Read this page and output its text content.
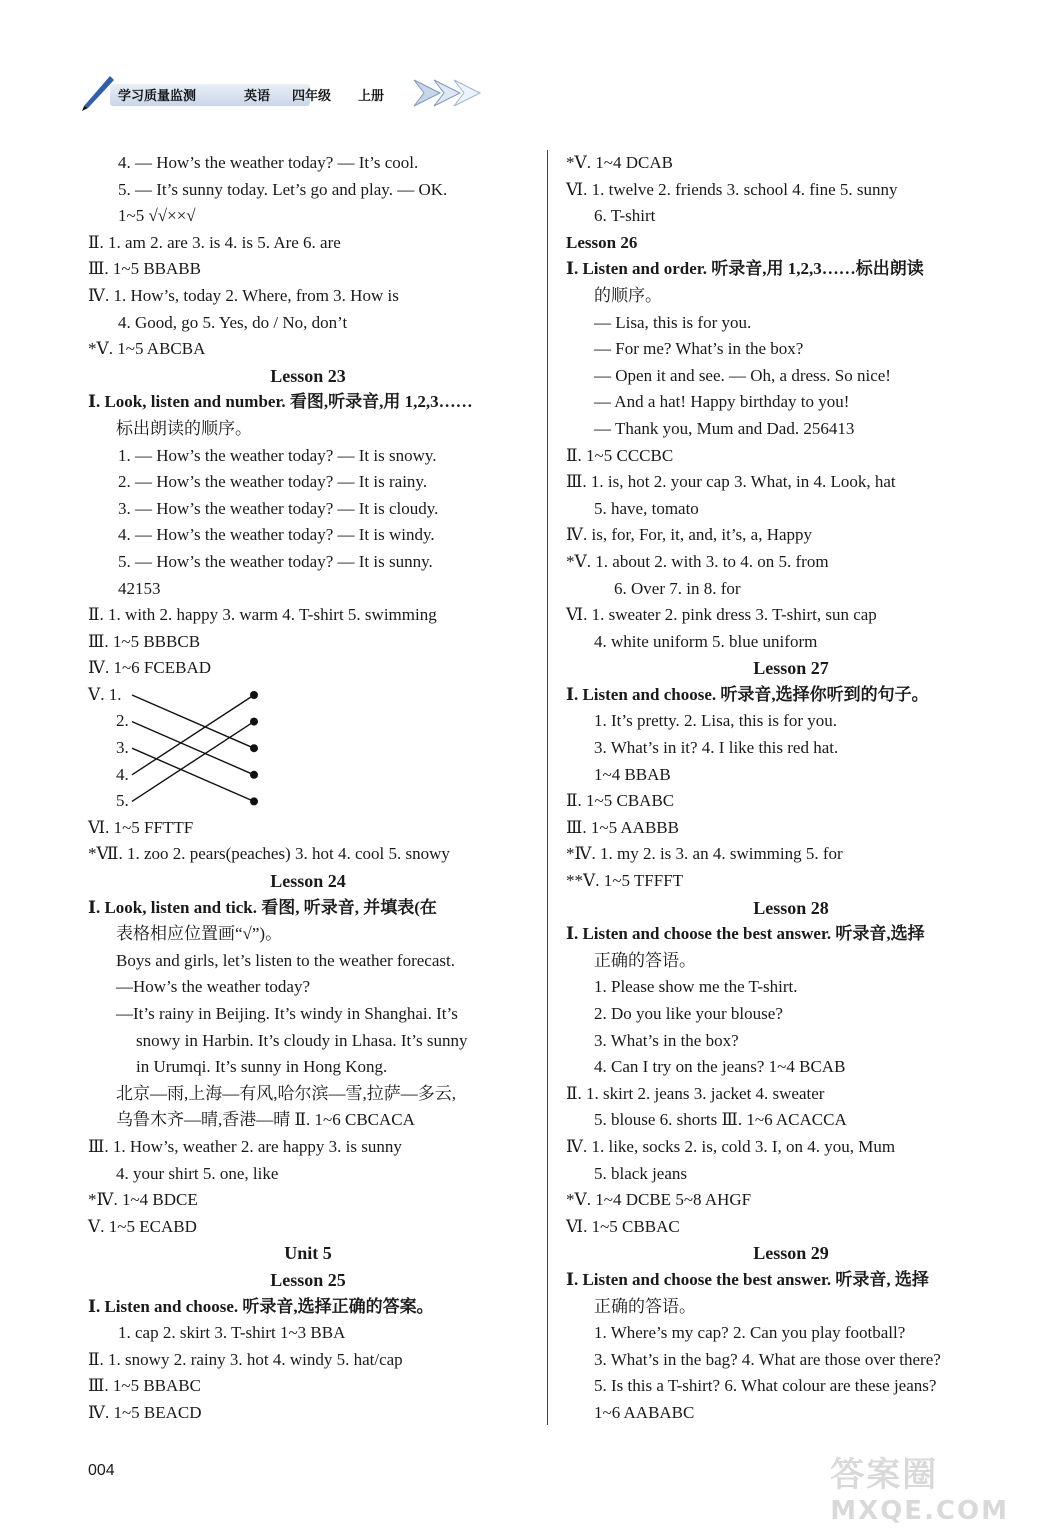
学习质量监测	英语 四年级 上册
4. — How’s the weather today? — It’s cool.
5. — It’s sunny today. Let’s go and play. — OK.
1~5 √√××√
Ⅱ. 1. am 2. are 3. is 4. is 5. Are 6. are
Ⅲ. 1~5 BBABB
Ⅳ. 1. How’s, today 2. Where, from 3. How is
4. Good, go 5. Yes, do / No, don’t
*Ⅴ. 1~5 ABCBA
Lesson 23
Ⅰ. Look, listen and number. 看图,听录音,用 1,2,3……
标出朗读的顺序。
1. — How’s the weather today? — It is snowy.
2. — How’s the weather today? — It is rainy.
3. — How’s the weather today? — It is cloudy.
4. — How’s the weather today? — It is windy.
5. — How’s the weather today? — It is sunny.
42153
Ⅱ. 1. with 2. happy 3. warm 4. T-shirt 5. swimming
Ⅲ. 1~5 BBBCB
Ⅳ. 1~6 FCEBAD
Ⅴ. 1.
2.
3.
4.
5.
Ⅵ. 1~5 FFTTF
*Ⅶ. 1. zoo 2. pears(peaches) 3. hot 4. cool 5. snowy
Lesson 24
Ⅰ. Look, listen and tick. 看图, 听录音, 并填表(在
表格相应位置画“√”)。
Boys and girls, let’s listen to the weather forecast.
—How’s the weather today?
—It’s rainy in Beijing. It’s windy in Shanghai. It’s
snowy in Harbin. It’s cloudy in Lhasa. It’s sunny
in Urumqi. It’s sunny in Hong Kong.
北京—雨,上海—有风,哈尔滨—雪,拉萨—多云,
乌鲁木齐—晴,香港—晴 Ⅱ. 1~6 CBCACA
Ⅲ. 1. How’s, weather 2. are happy 3. is sunny
4. your shirt 5. one, like
*Ⅳ. 1~4 BDCE
Ⅴ. 1~5 ECABD
Unit 5
Lesson 25
Ⅰ. Listen and choose. 听录音,选择正确的答案。
1. cap 2. skirt 3. T-shirt 1~3 BBA
Ⅱ. 1. snowy 2. rainy 3. hot 4. windy 5. hat/cap
Ⅲ. 1~5 BBABC
Ⅳ. 1~5 BEACD
*Ⅴ. 1~4 DCAB
Ⅵ. 1. twelve 2. friends 3. school 4. fine 5. sunny
6. T-shirt
Lesson 26
Ⅰ. Listen and order. 听录音,用 1,2,3……标出朗读
的顺序。
— Lisa, this is for you.
— For me? What’s in the box?
— Open it and see. — Oh, a dress. So nice!
— And a hat! Happy birthday to you!
— Thank you, Mum and Dad. 256413
Ⅱ. 1~5 CCCBC
Ⅲ. 1. is, hot 2. your cap 3. What, in 4. Look, hat
5. have, tomato
Ⅳ. is, for, For, it, and, it’s, a, Happy
*Ⅴ. 1. about 2. with 3. to 4. on 5. from
6. Over 7. in 8. for
Ⅵ. 1. sweater 2. pink dress 3. T-shirt, sun cap
4. white uniform 5. blue uniform
Lesson 27
Ⅰ. Listen and choose. 听录音,选择你听到的句子。
1. It’s pretty. 2. Lisa, this is for you.
3. What’s in it? 4. I like this red hat.
1~4 BBAB
Ⅱ. 1~5 CBABC
Ⅲ. 1~5 AABBB
*Ⅳ. 1. my 2. is 3. an 4. swimming 5. for
**Ⅴ. 1~5 TFFFT
Lesson 28
Ⅰ. Listen and choose the best answer. 听录音,选择
正确的答语。
1. Please show me the T-shirt.
2. Do you like your blouse?
3. What’s in the box?
4. Can I try on the jeans? 1~4 BCAB
Ⅱ. 1. skirt 2. jeans 3. jacket 4. sweater
5. blouse 6. shorts Ⅲ. 1~6 ACACCA
Ⅳ. 1. like, socks 2. is, cold 3. I, on 4. you, Mum
5. black jeans
*Ⅴ. 1~4 DCBE 5~8 AHGF
Ⅵ. 1~5 CBBAC
Lesson 29
Ⅰ. Listen and choose the best answer. 听录音, 选择
正确的答语。
1. Where’s my cap? 2. Can you play football?
3. What’s in the bag? 4. What are those over there?
5. Is this a T-shirt? 6. What colour are these jeans?
1~6 AABABC
004	答案圈
MXQE.COM
